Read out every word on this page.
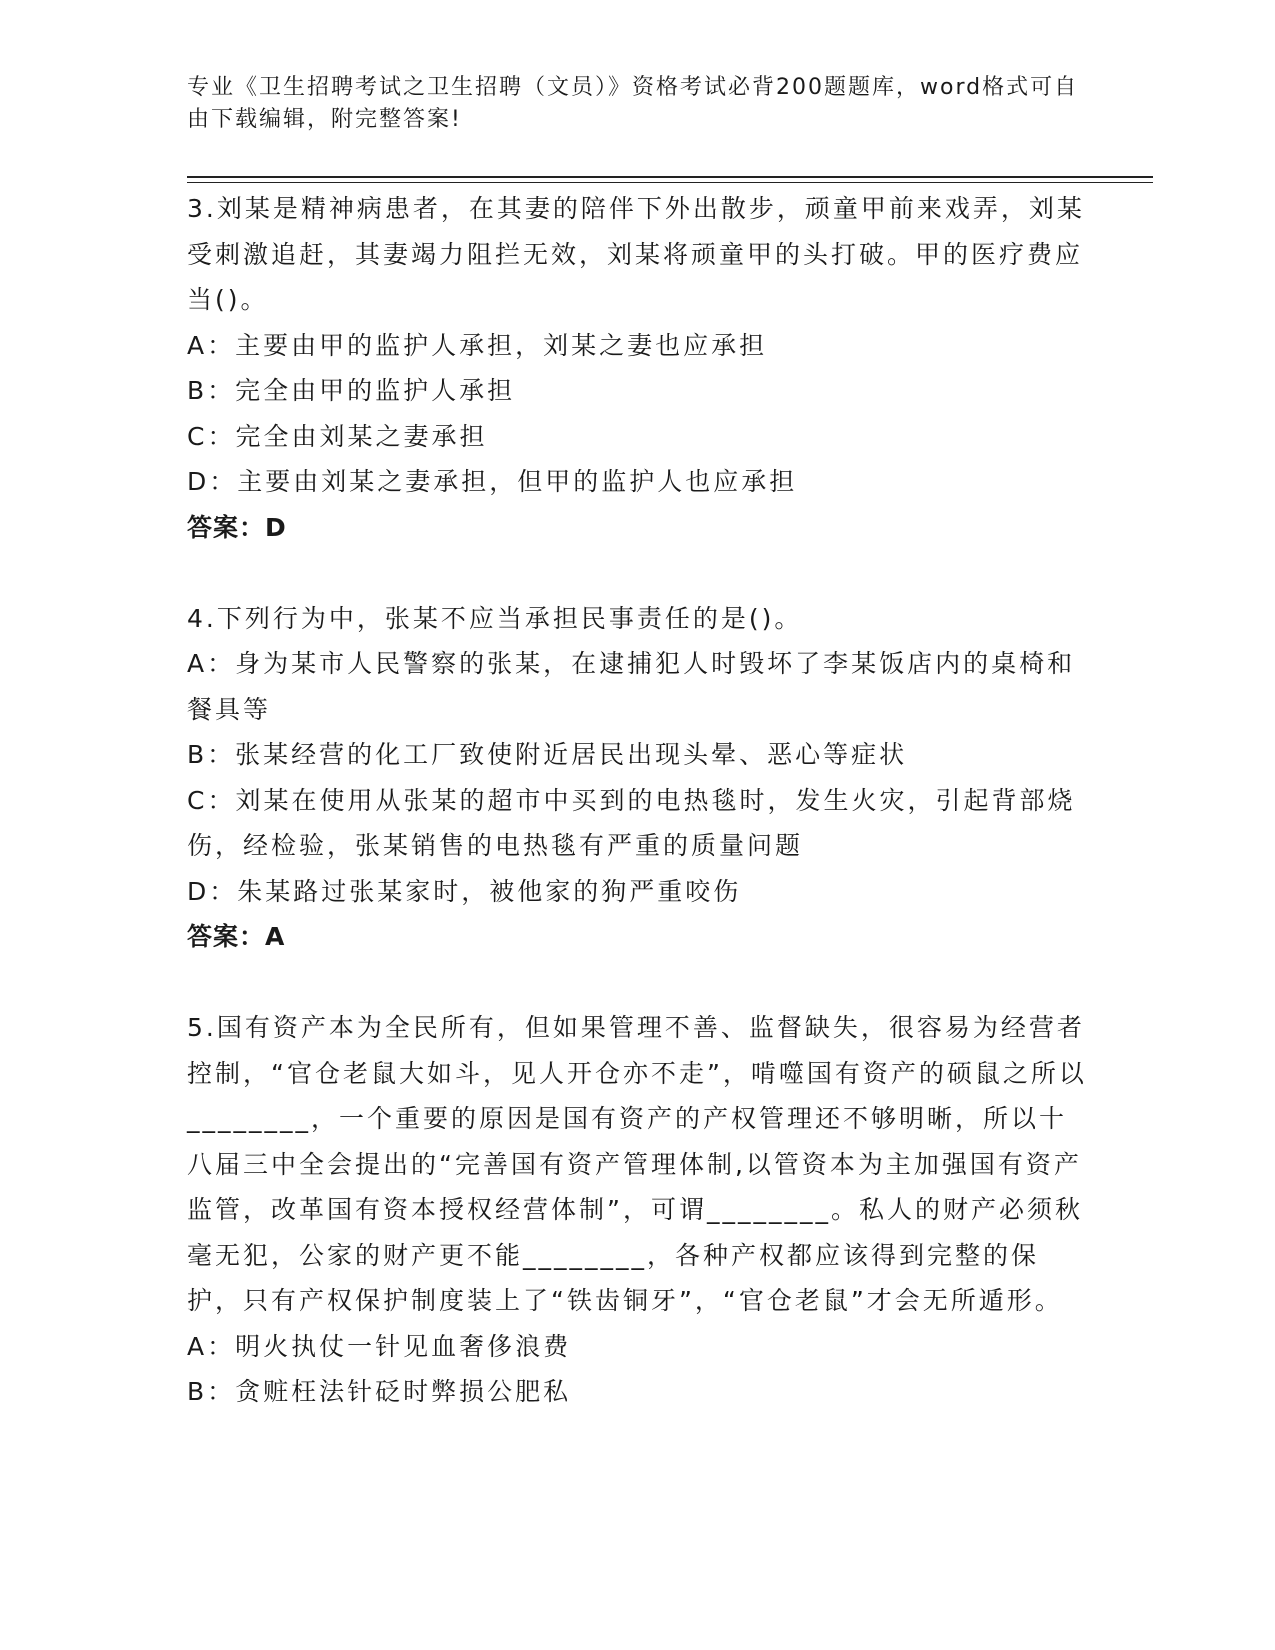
专业《卫生招聘考试之卫生招聘（文员）》资格考试必背200题题库，word格式可自由下载编辑，附完整答案!
3.刘某是精神病患者，在其妻的陪伴下外出散步，顽童甲前来戏弄，刘某受刺激追赶，其妻竭力阻拦无效，刘某将顽童甲的头打破。甲的医疗费应当()。
A：主要由甲的监护人承担，刘某之妻也应承担
B：完全由甲的监护人承担
C：完全由刘某之妻承担
D：主要由刘某之妻承担，但甲的监护人也应承担
答案：D
4.下列行为中，张某不应当承担民事责任的是()。
A：身为某市人民警察的张某，在逮捕犯人时毁坏了李某饭店内的桌椅和餐具等
B：张某经营的化工厂致使附近居民出现头晕、恶心等症状
C：刘某在使用从张某的超市中买到的电热毯时，发生火灾，引起背部烧伤，经检验，张某销售的电热毯有严重的质量问题
D：朱某路过张某家时，被他家的狗严重咬伤
答案：A
5.国有资产本为全民所有，但如果管理不善、监督缺失，很容易为经营者控制，“官仓老鼠大如斗，见人开仓亦不走”，啃噬国有资产的硕鼠之所以________，一个重要的原因是国有资产的产权管理还不够明晰，所以十八届三中全会提出的“完善国有资产管理体制,以管资本为主加强国有资产监管，改革国有资本授权经营体制”，可谓________。私人的财产必须秋毫无犯，公家的财产更不能________，各种产权都应该得到完整的保护，只有产权保护制度装上了“铁齿铜牙”，“官仓老鼠”才会无所遁形。
A：明火执仗一针见血奢侈浪费
B：贪赃枉法针砭时弊损公肥私
